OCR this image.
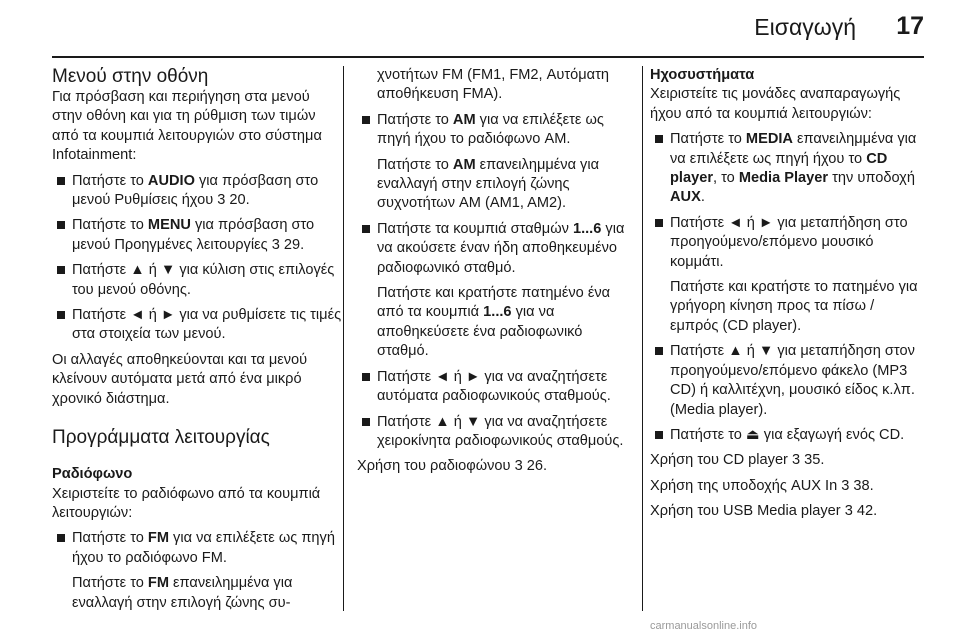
Εισαγωγή 17

Μενού στην οθόνη

Για πρόσβαση και περιήγηση στα μενού στην οθόνη και για τη ρύθμιση των τιμών από τα κουμπιά λειτουργιών στο σύστημα Infotainment:

Πατήστε το AUDIO για πρόσβαση στο μενού Ρυθμίσεις ήχου 3 20.
Πατήστε το MENU για πρόσβαση στο μενού Προηγμένες λειτουργίες 3 29.
Πατήστε ▲ ή ▼ για κύλιση στις επιλογές του μενού οθόνης.
Πατήστε ◄ ή ► για να ρυθμίσετε τις τιμές στα στοιχεία των μενού.

Οι αλλαγές αποθηκεύονται και τα μενού κλείνουν αυτόματα μετά από ένα μικρό χρονικό διάστημα.

Προγράμματα λειτουργίας

Ραδιόφωνο

Χειριστείτε το ραδιόφωνο από τα κουμπιά λειτουργιών:

Πατήστε το FM για να επιλέξετε ως πηγή ήχου το ραδιόφωνο FM.

Πατήστε το FM επανειλημμένα για εναλλαγή στην επιλογή ζώνης συ-

χνοτήτων FM (FM1, FM2, Αυτόματη αποθήκευση FMA).

Πατήστε το AM για να επιλέξετε ως πηγή ήχου το ραδιόφωνο AM.

Πατήστε το AM επανειλημμένα για εναλλαγή στην επιλογή ζώνης συχνοτήτων AM (AM1, AM2).

Πατήστε τα κουμπιά σταθμών 1...6 για να ακούσετε έναν ήδη αποθηκευμένο ραδιοφωνικό σταθμό.

Πατήστε και κρατήστε πατημένο ένα από τα κουμπιά 1...6 για να αποθηκεύσετε ένα ραδιοφωνικό σταθμό.

Πατήστε ◄ ή ► για να αναζητήσετε αυτόματα ραδιοφωνικούς σταθμούς.
Πατήστε ▲ ή ▼ για να αναζητήσετε χειροκίνητα ραδιοφωνικούς σταθμούς.

Χρήση του ραδιοφώνου 3 26.

Ηχοσυστήματα

Χειριστείτε τις μονάδες αναπαραγωγής ήχου από τα κουμπιά λειτουργιών:

Πατήστε το MEDIA επανειλημμένα για να επιλέξετε ως πηγή ήχου το CD player, το Media Player την υποδοχή AUX.
Πατήστε ◄ ή ► για μεταπήδηση στο προηγούμενο/επόμενο μουσικό κομμάτι.

Πατήστε και κρατήστε το πατημένο για γρήγορη κίνηση προς τα πίσω / εμπρός (CD player).

Πατήστε ▲ ή ▼ για μεταπήδηση στον προηγούμενο/επόμενο φάκελο (MP3 CD) ή καλλιτέχνη, μουσικό είδος κ.λπ. (Media player).
Πατήστε το ⏏ για εξαγωγή ενός CD.

Χρήση του CD player 3 35.

Χρήση της υποδοχής AUX In 3 38.

Χρήση του USB Media player 3 42.

carmanualsonline.info
